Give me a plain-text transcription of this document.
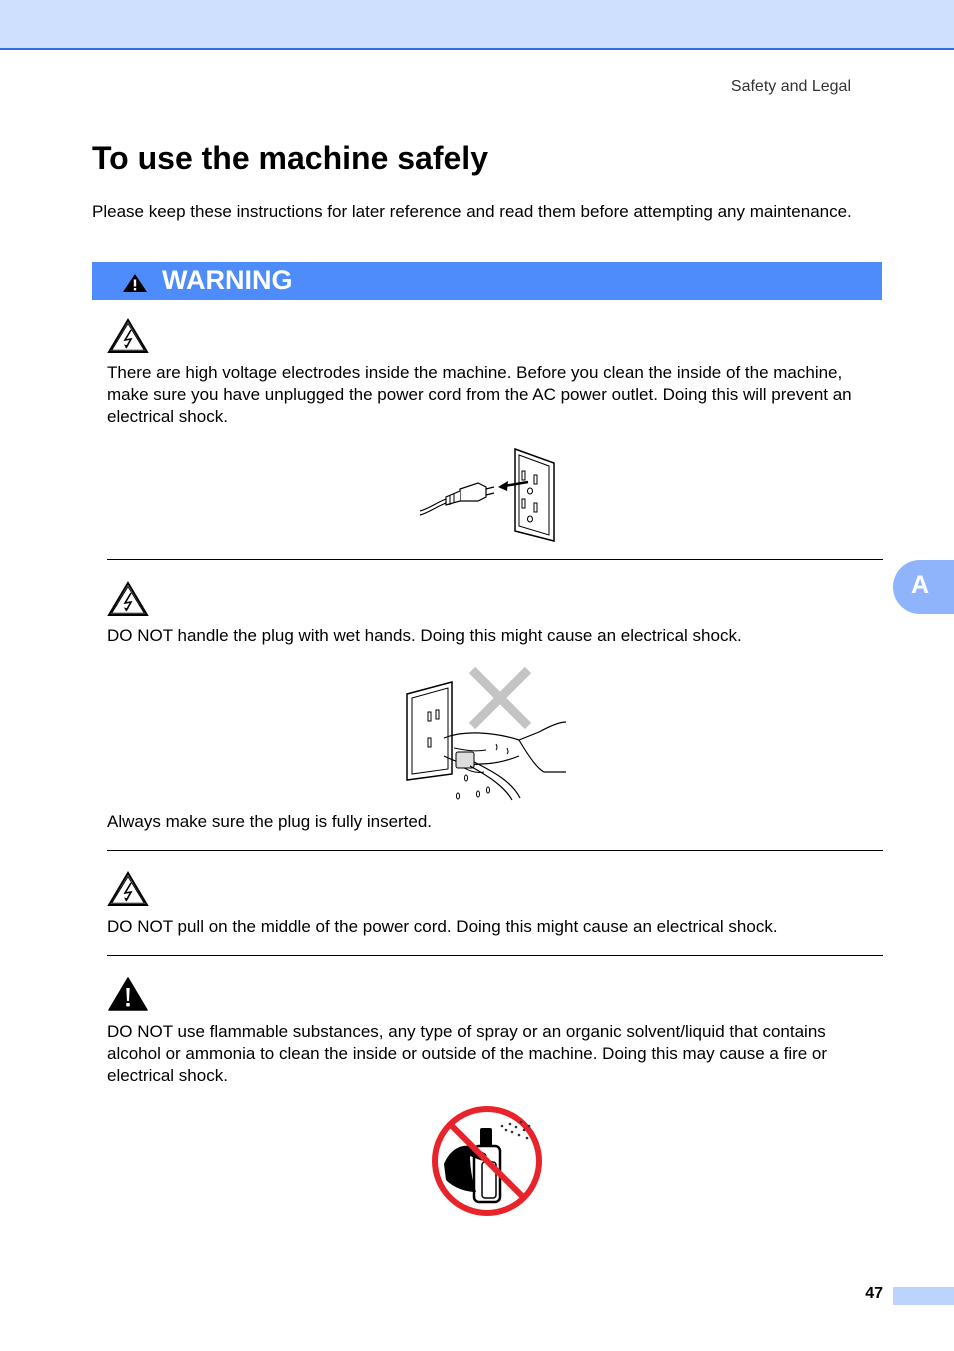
Safety and Legal
To use the machine safely

Please keep these instructions for later reference and read them before attempting any maintenance.

WARNING
A

There are high voltage electrodes inside the machine. Before you clean the inside of the machine, make sure you have unplugged the power cord from the AC power outlet. Doing this will prevent an electrical shock.

DO NOT handle the plug with wet hands. Doing this might cause an electrical shock.

Always make sure the plug is fully inserted.

DO NOT pull on the middle of the power cord. Doing this might cause an electrical shock.

DO NOT use flammable substances, any type of spray or an organic solvent/liquid that contains alcohol or ammonia to clean the inside or outside of the machine. Doing this may cause a fire or electrical shock.

47
